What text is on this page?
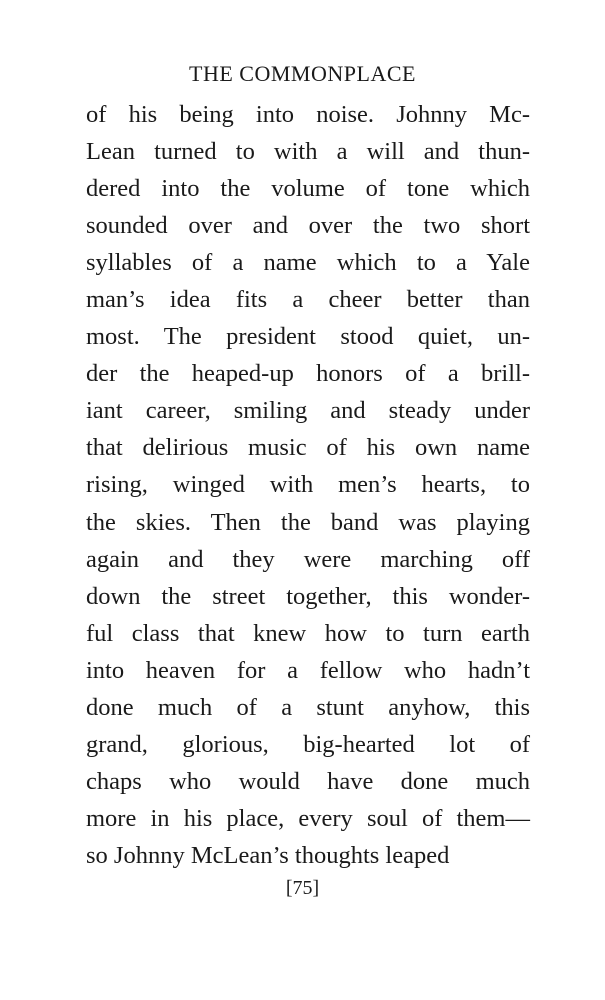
THE COMMONPLACE
of his being into noise. Johnny Mc-
Lean turned to with a will and thun-
dered into the volume of tone which
sounded over and over the two short
syllables of a name which to a Yale
man’s idea fits a cheer better than
most. The president stood quiet, un-
der the heaped-up honors of a brill-
iant career, smiling and steady under
that delirious music of his own name
rising, winged with men’s hearts, to
the skies. Then the band was playing
again and they were marching off
down the street together, this wonder-
ful class that knew how to turn earth
into heaven for a fellow who hadn’t
done much of a stunt anyhow, this
grand, glorious, big-hearted lot of
chaps who would have done much
more in his place, every soul of them—
so Johnny McLean’s thoughts leaped
[75]
